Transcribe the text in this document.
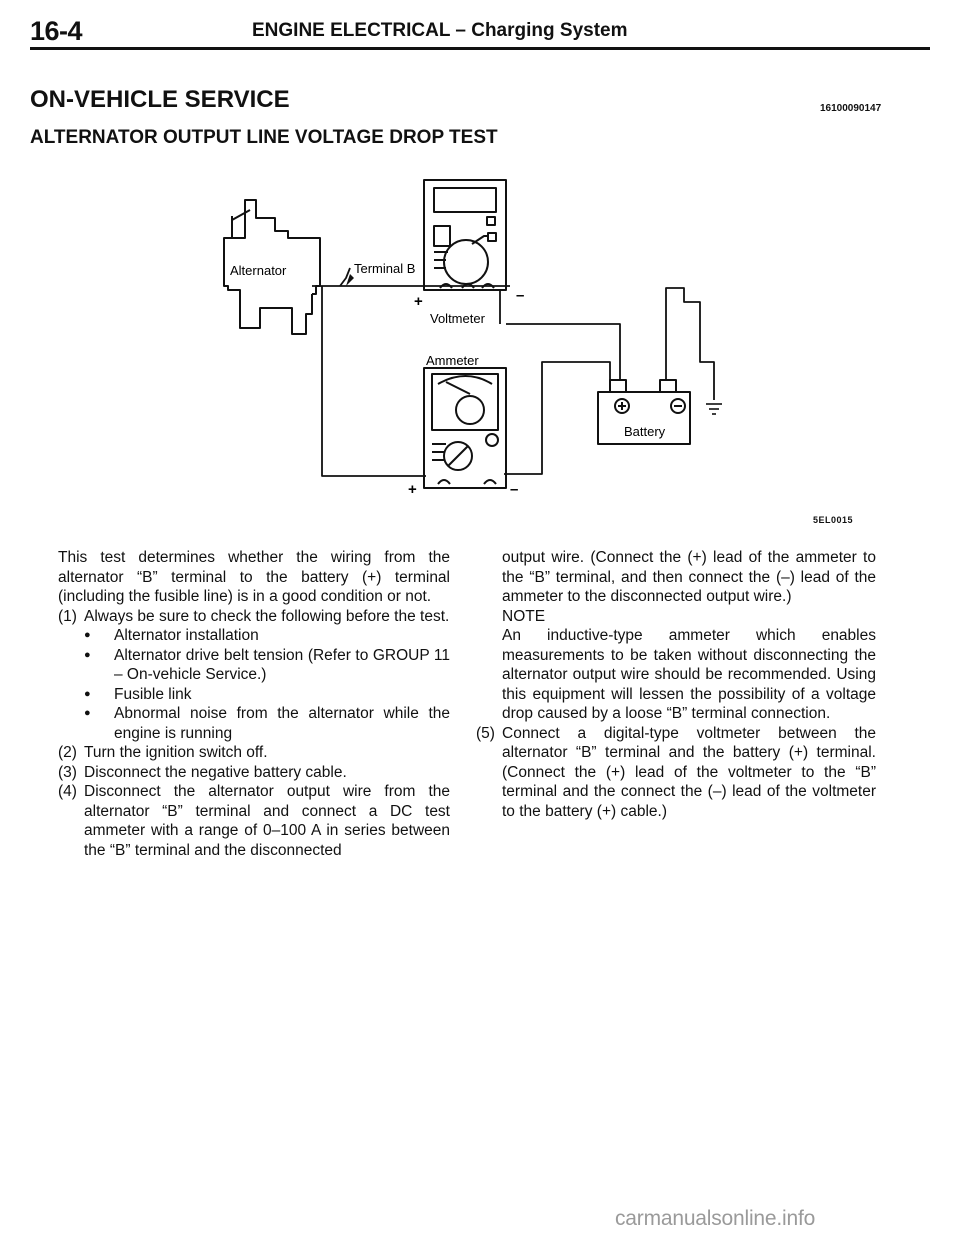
16-4	ENGINE ELECTRICAL – Charging System
ON-VEHICLE SERVICE	16100090147
ALTERNATOR OUTPUT LINE VOLTAGE DROP TEST
Alternator	Terminal B
+	–
Voltmeter
Ammeter
Battery
+	–
5EL0015

This test determines whether the wiring from the alternator “B” terminal to the battery (+) terminal (including the fusible line) is in a good condition or not.

(1) Always be sure to check the following before the test.
●	Alternator installation
●	Alternator drive belt tension (Refer to GROUP 11 – On-vehicle Service.)
●	Fusible link
●	Abnormal noise from the alternator while the engine is running
(2) Turn the ignition switch off.
(3) Disconnect the negative battery cable.
(4) Disconnect the alternator output wire from the alternator “B” terminal and connect a DC test ammeter with a range of 0–100 A in series between the “B” terminal and the disconnected

output wire. (Connect the (+) lead of the ammeter to the “B” terminal, and then connect the (–) lead of the ammeter to the disconnected output wire.)

NOTE

An inductive-type ammeter which enables measurements to be taken without disconnecting the alternator output wire should be recommended. Using this equipment will lessen the possibility of a voltage drop caused by a loose “B” terminal connection.

(5) Connect a digital-type voltmeter between the alternator “B” terminal and the battery (+) terminal. (Connect the (+) lead of the voltmeter to the “B” terminal and the connect the (–) lead of the voltmeter to the battery (+) cable.)
carmanualsonline.info
